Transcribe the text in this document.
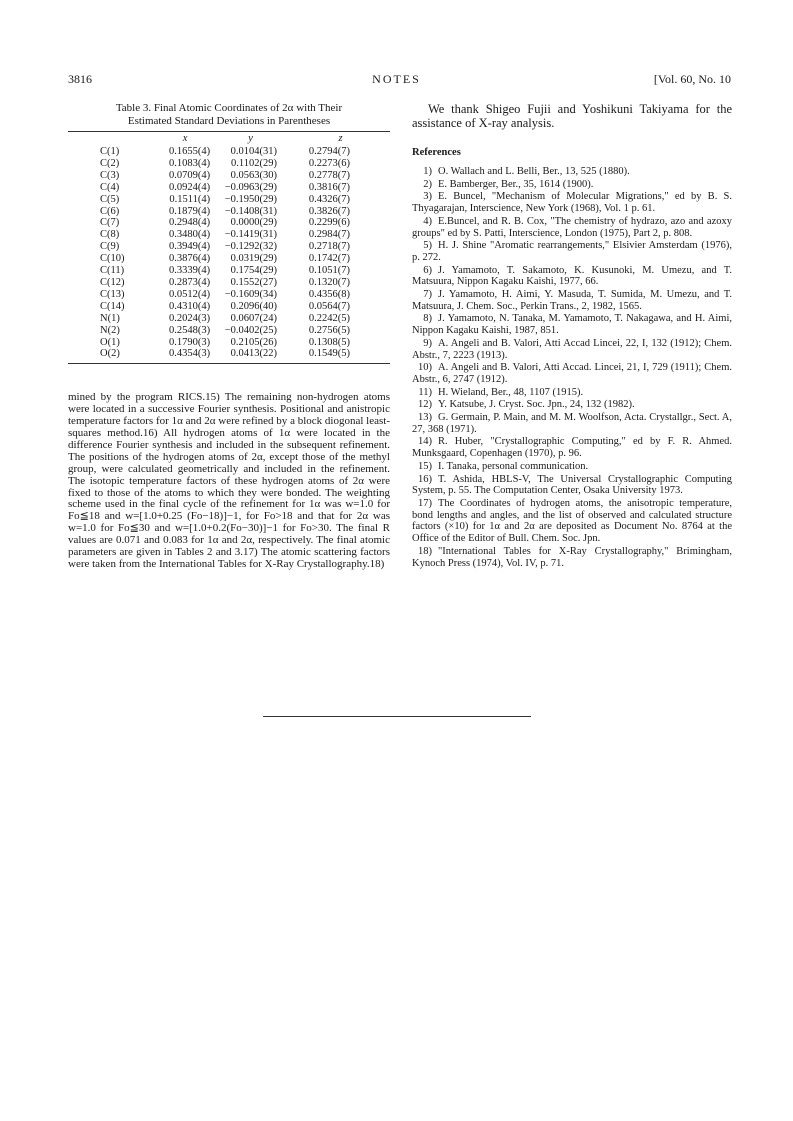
3816	NOTES	[Vol. 60, No. 10
Table 3. Final Atomic Coordinates of 2α with Their
Estimated Standard Deviations in Parentheses
	x	y	z
C(1)	0.1655(4)	0.0104(31)	0.2794(7)
C(2)	0.1083(4)	0.1102(29)	0.2273(6)
C(3)	0.0709(4)	0.0563(30)	0.2778(7)
C(4)	0.0924(4)	−0.0963(29)	0.3816(7)
C(5)	0.1511(4)	−0.1950(29)	0.4326(7)
C(6)	0.1879(4)	−0.1408(31)	0.3826(7)
C(7)	0.2948(4)	0.0000(29)	0.2299(6)
C(8)	0.3480(4)	−0.1419(31)	0.2984(7)
C(9)	0.3949(4)	−0.1292(32)	0.2718(7)
C(10)	0.3876(4)	0.0319(29)	0.1742(7)
C(11)	0.3339(4)	0.1754(29)	0.1051(7)
C(12)	0.2873(4)	0.1552(27)	0.1320(7)
C(13)	0.0512(4)	−0.1609(34)	0.4356(8)
C(14)	0.4310(4)	0.2096(40)	0.0564(7)
N(1)	0.2024(3)	0.0607(24)	0.2242(5)
N(2)	0.2548(3)	−0.0402(25)	0.2756(5)
O(1)	0.1790(3)	0.2105(26)	0.1308(5)
O(2)	0.4354(3)	0.0413(22)	0.1549(5)
mined by the program RICS.15) The remaining non-hydrogen atoms were located in a successive Fourier synthesis. Positional and anistropic temperature factors for 1α and 2α were refined by a block diogonal least-squares method.16) All hydrogen atoms of 1α were located in the difference Fourier synthesis and included in the subsequent refinement. The positions of the hydrogen atoms of 2α, except those of the methyl group, were calculated geometrically and included in the refinement. The isotopic temperature factors of these hydrogen atoms of 2α were fixed to those of the atoms to which they were bonded. The weighting scheme used in the final cycle of the refinement for 1α was w=1.0 for Fo≦18 and w=[1.0+0.25 (Fo−18)]−1, for Fo>18 and that for 2α was w=1.0 for Fo≦30 and w=[1.0+0.2(Fo−30)]−1 for Fo>30. The final R values are 0.071 and 0.083 for 1α and 2α, respectively. The final atomic parameters are given in Tables 2 and 3.17) The atomic scattering factors were taken from the International Tables for X-Ray Crystallography.18)

We thank Shigeo Fujii and Yoshikuni Takiyama for the assistance of X-ray analysis.

References

1) O. Wallach and L. Belli, Ber., 13, 525 (1880).

2) E. Bamberger, Ber., 35, 1614 (1900).

3) E. Buncel, "Mechanism of Molecular Migrations," ed by B. S. Thyagarajan, Interscience, New York (1968), Vol. 1 p. 61.

4) E.Buncel, and R. B. Cox, "The chemistry of hydrazo, azo and azoxy groups" ed by S. Patti, Interscience, London (1975), Part 2, p. 808.

5) H. J. Shine "Aromatic rearrangements," Elsivier Amsterdam (1976), p. 272.

6) J. Yamamoto, T. Sakamoto, K. Kusunoki, M. Umezu, and T. Matsuura, Nippon Kagaku Kaishi, 1977, 66.

7) J. Yamamoto, H. Aimi, Y. Masuda, T. Sumida, M. Umezu, and T. Matsuura, J. Chem. Soc., Perkin Trans., 2, 1982, 1565.

8) J. Yamamoto, N. Tanaka, M. Yamamoto, T. Nakagawa, and H. Aimi, Nippon Kagaku Kaishi, 1987, 851.

9) A. Angeli and B. Valori, Atti Accad Lincei, 22, I, 132 (1912); Chem. Abstr., 7, 2223 (1913).

10) A. Angeli and B. Valori, Atti Accad. Lincei, 21, I, 729 (1911); Chem. Abstr., 6, 2747 (1912).

11) H. Wieland, Ber., 48, 1107 (1915).

12) Y. Katsube, J. Cryst. Soc. Jpn., 24, 132 (1982).

13) G. Germain, P. Main, and M. M. Woolfson, Acta. Crystallgr., Sect. A, 27, 368 (1971).

14) R. Huber, "Crystallographic Computing," ed by F. R. Ahmed. Munksgaard, Copenhagen (1970), p. 96.

15) I. Tanaka, personal communication.

16) T. Ashida, HBLS-V, The Universal Crystallographic Computing System, p. 55. The Computation Center, Osaka University 1973.

17) The Coordinates of hydrogen atoms, the anisotropic temperature, bond lengths and angles, and the list of observed and calculated structure factors (×10) for 1α and 2α are deposited as Document No. 8764 at the Office of the Editor of Bull. Chem. Soc. Jpn.

18) "International Tables for X-Ray Crystallography," Brimingham, Kynoch Press (1974), Vol. IV, p. 71.
